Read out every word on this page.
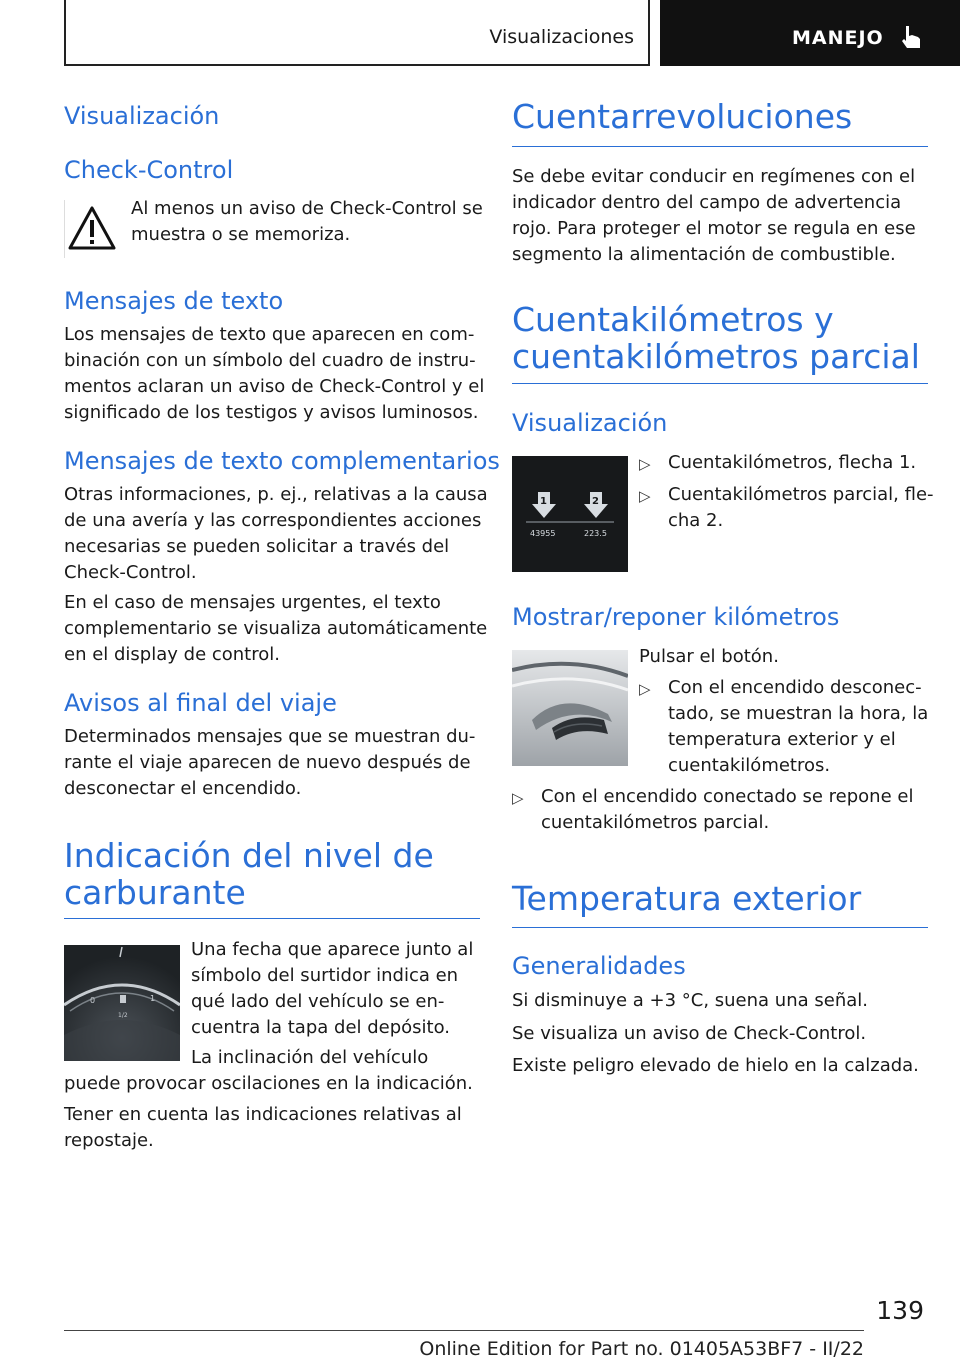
Visualizaciones	MANEJO
Visualización
Check-Control
Al menos un aviso de Check-Control se
muestra o se memoriza.
Mensajes de texto
Los mensajes de texto que aparecen en com-
binación con un símbolo del cuadro de instru-
mentos aclaran un aviso de Check-Control y el
significado de los testigos y avisos luminosos.
Mensajes de texto complementarios
Otras informaciones, p. ej., relativas a la causa
de una avería y las correspondientes acciones
necesarias se pueden solicitar a través del
Check-Control.
En el caso de mensajes urgentes, el texto
complementario se visualiza automáticamente
en el display de control.
Avisos al final del viaje
Determinados mensajes que se muestran du-
rante el viaje aparecen de nuevo después de
desconectar el encendido.
Indicación del nivel de
carburante
0	1
1/2
Una fecha que aparece junto al
símbolo del surtidor indica en
qué lado del vehículo se en-
cuentra la tapa del depósito.
La inclinación del vehículo
puede provocar oscilaciones en la indicación.
Tener en cuenta las indicaciones relativas al
repostaje.
Cuentarrevoluciones
Se debe evitar conducir en regímenes con el
indicador dentro del campo de advertencia
rojo. Para proteger el motor se regula en ese
segmento la alimentación de combustible.
Cuentakilómetros y
cuentakilómetros parcial
Visualización
1	2
43955	223.5
▷ Cuentakilómetros, flecha 1.
▷ Cuentakilómetros parcial, fle-
cha 2.
Mostrar/reponer kilómetros
Pulsar el botón.
▷ Con el encendido desconec-
tado, se muestran la hora, la
temperatura exterior y el
cuentakilómetros.
▷ Con el encendido conectado se repone el
cuentakilómetros parcial.
Temperatura exterior
Generalidades
Si disminuye a +3 °C, suena una señal.
Se visualiza un aviso de Check-Control.
Existe peligro elevado de hielo en la calzada.
139
Online Edition for Part no. 01405A53BF7 - II/22
